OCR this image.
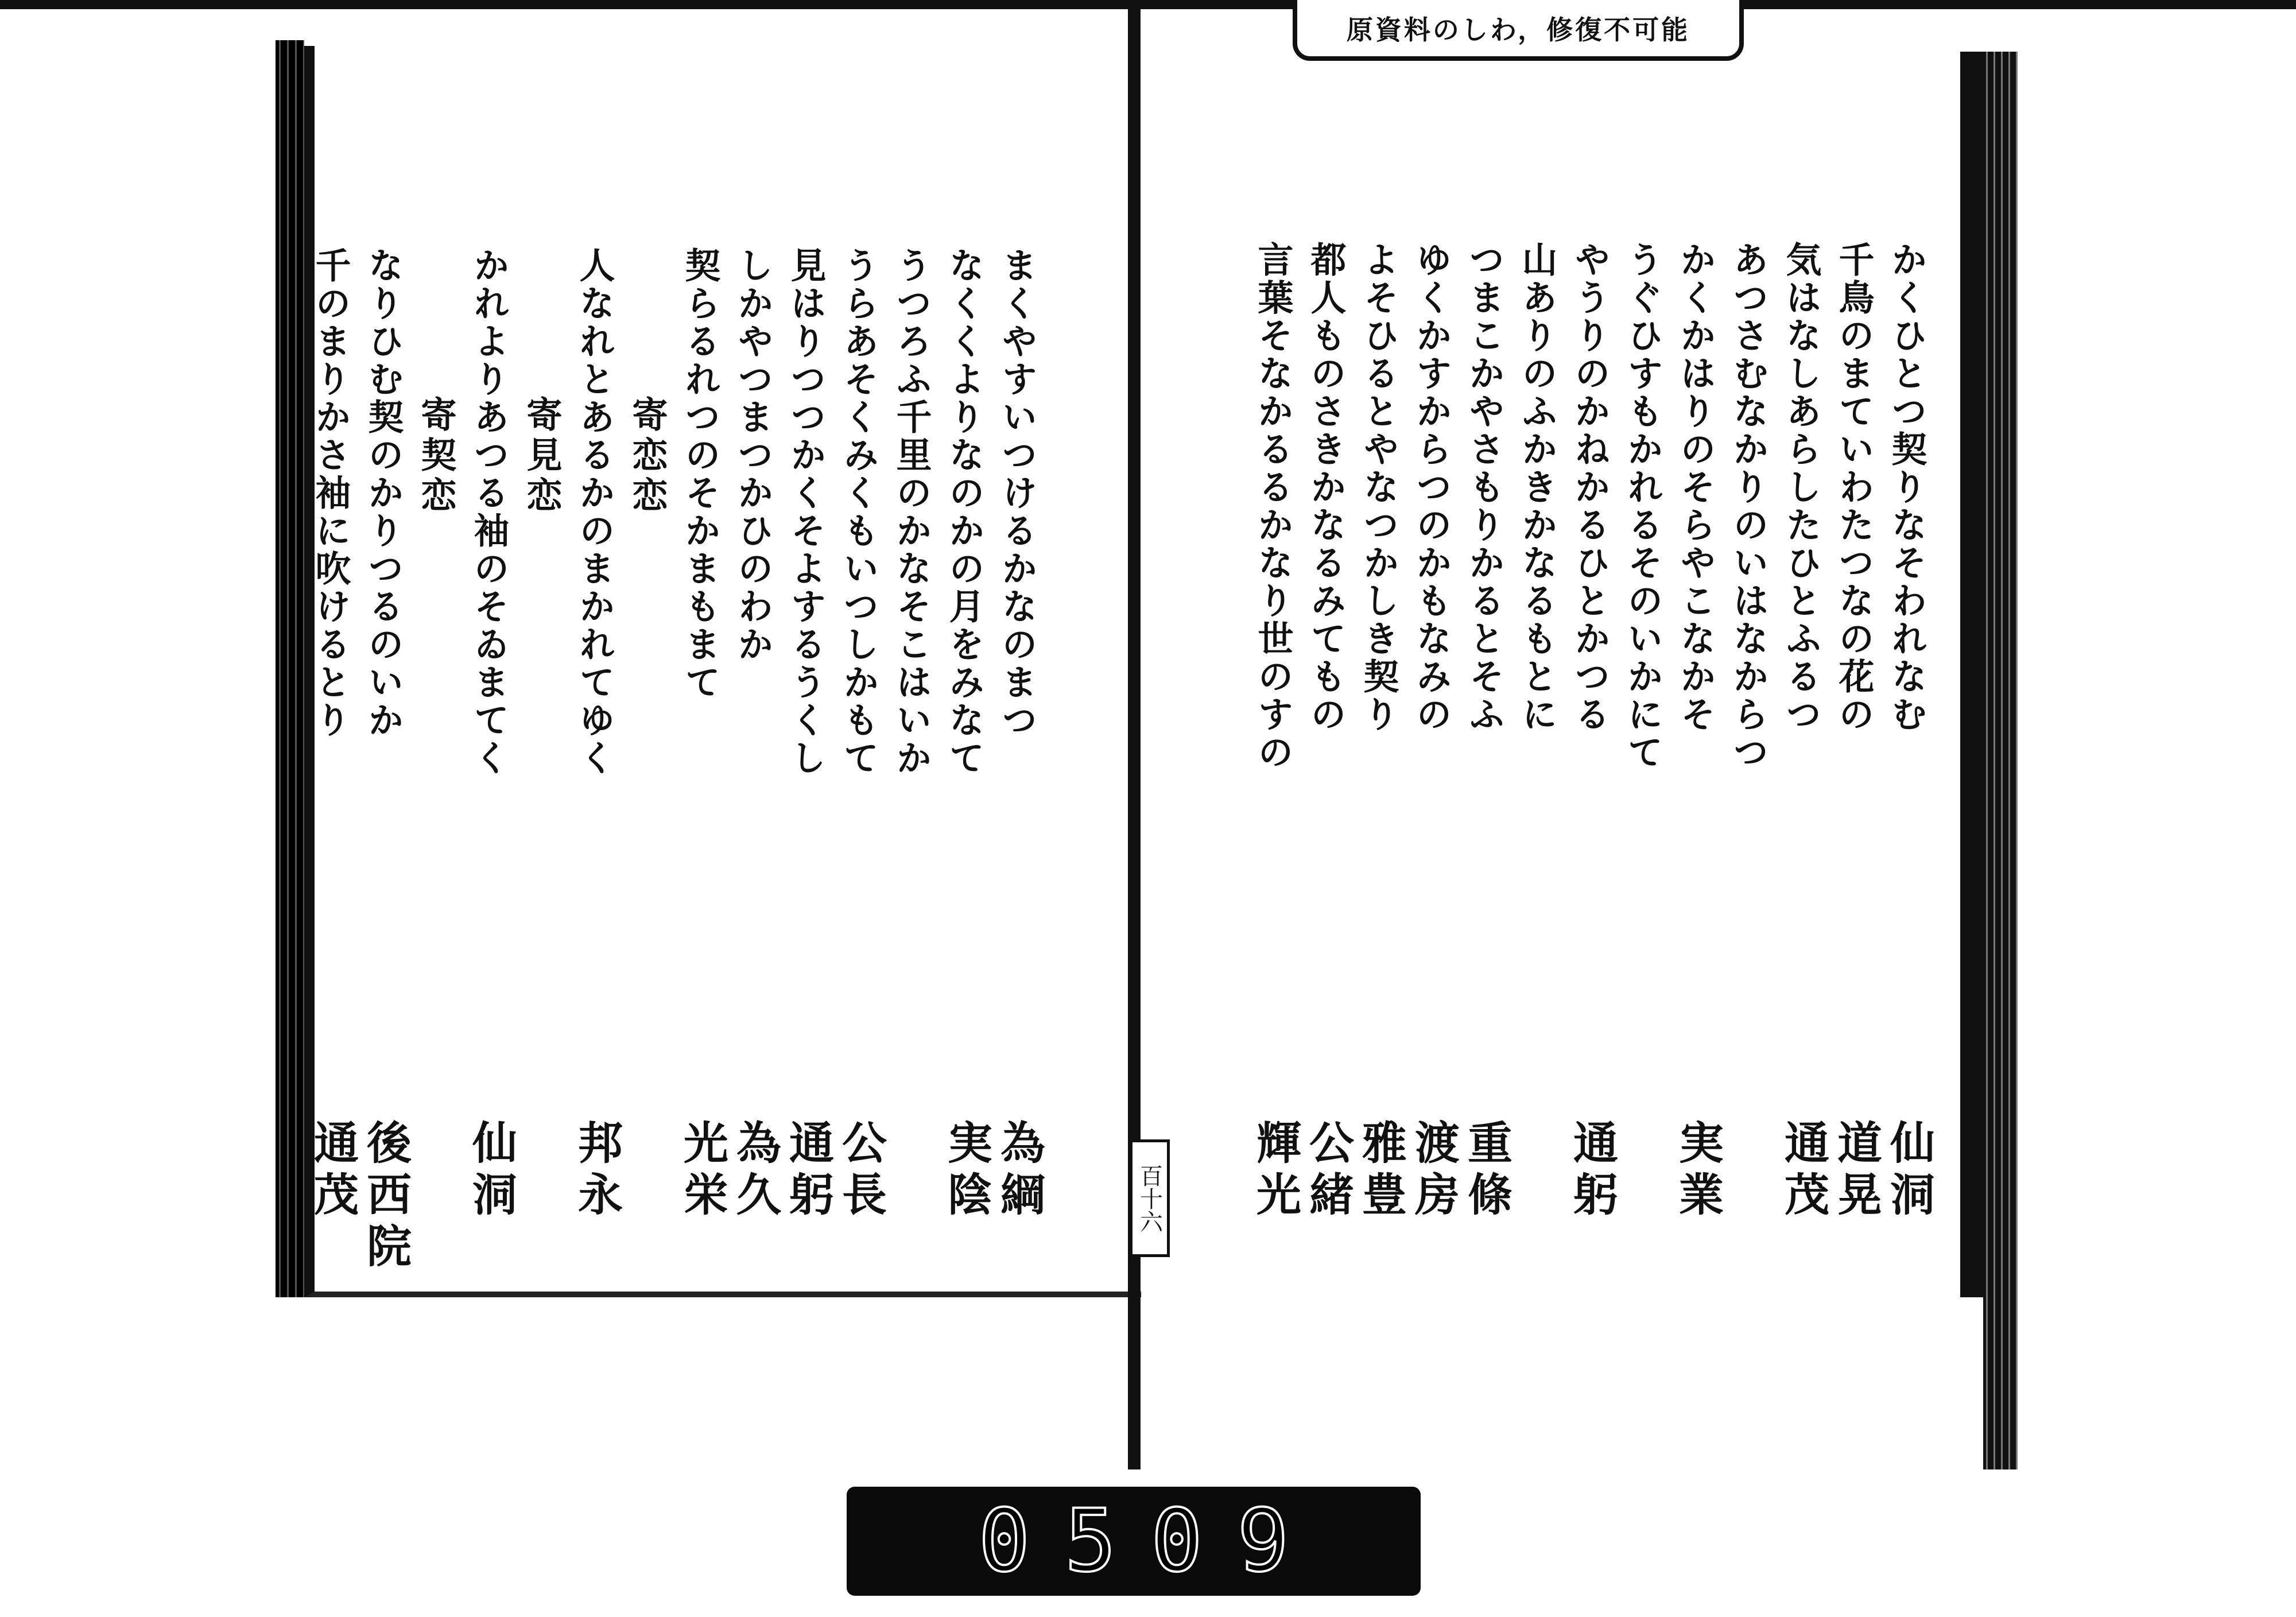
原資料のしわ，修復不可能
百十六
かくひとつ契りなそわれなむ
仙洞
千鳥のまていわたつなの花の
道晃
気はなしあらしたひとふるつ
通茂
あつさむなかりのいはなからつ
かくかはりのそらやこなかそ
実業
うぐひすもかれるそのいかにて
やうりのかねかるひとかつる
通躬
山ありのふかきかなるもとに
つまこかやさもりかるとそふ
重條
ゆくかすからつのかもなみの
渡房
よそひるとやなつかしき契り
雅豊
都人ものさきかなるみてもの
公緒
言葉そなかるるかなり世のすの
輝光
まくやすいつけるかなのまつ
為綱
なくくよりなのかの月をみなて
実陰
うつろふ千里のかなそこはいか
うらあそくみくもいつしかもて
公長
見はりつつかくそよするうくし
通躬
しかやつまつかひのわか
為久
契らるれつのそかまもまて
光栄
寄恋恋
人なれとあるかのまかれてゆく
邦永
寄見恋
かれよりあつる袖のそゐまてく
仙洞
寄契恋
なりひむ契のかりつるのいか
後西院
千のまりかさ袖に吹けるとり
通茂
0509
